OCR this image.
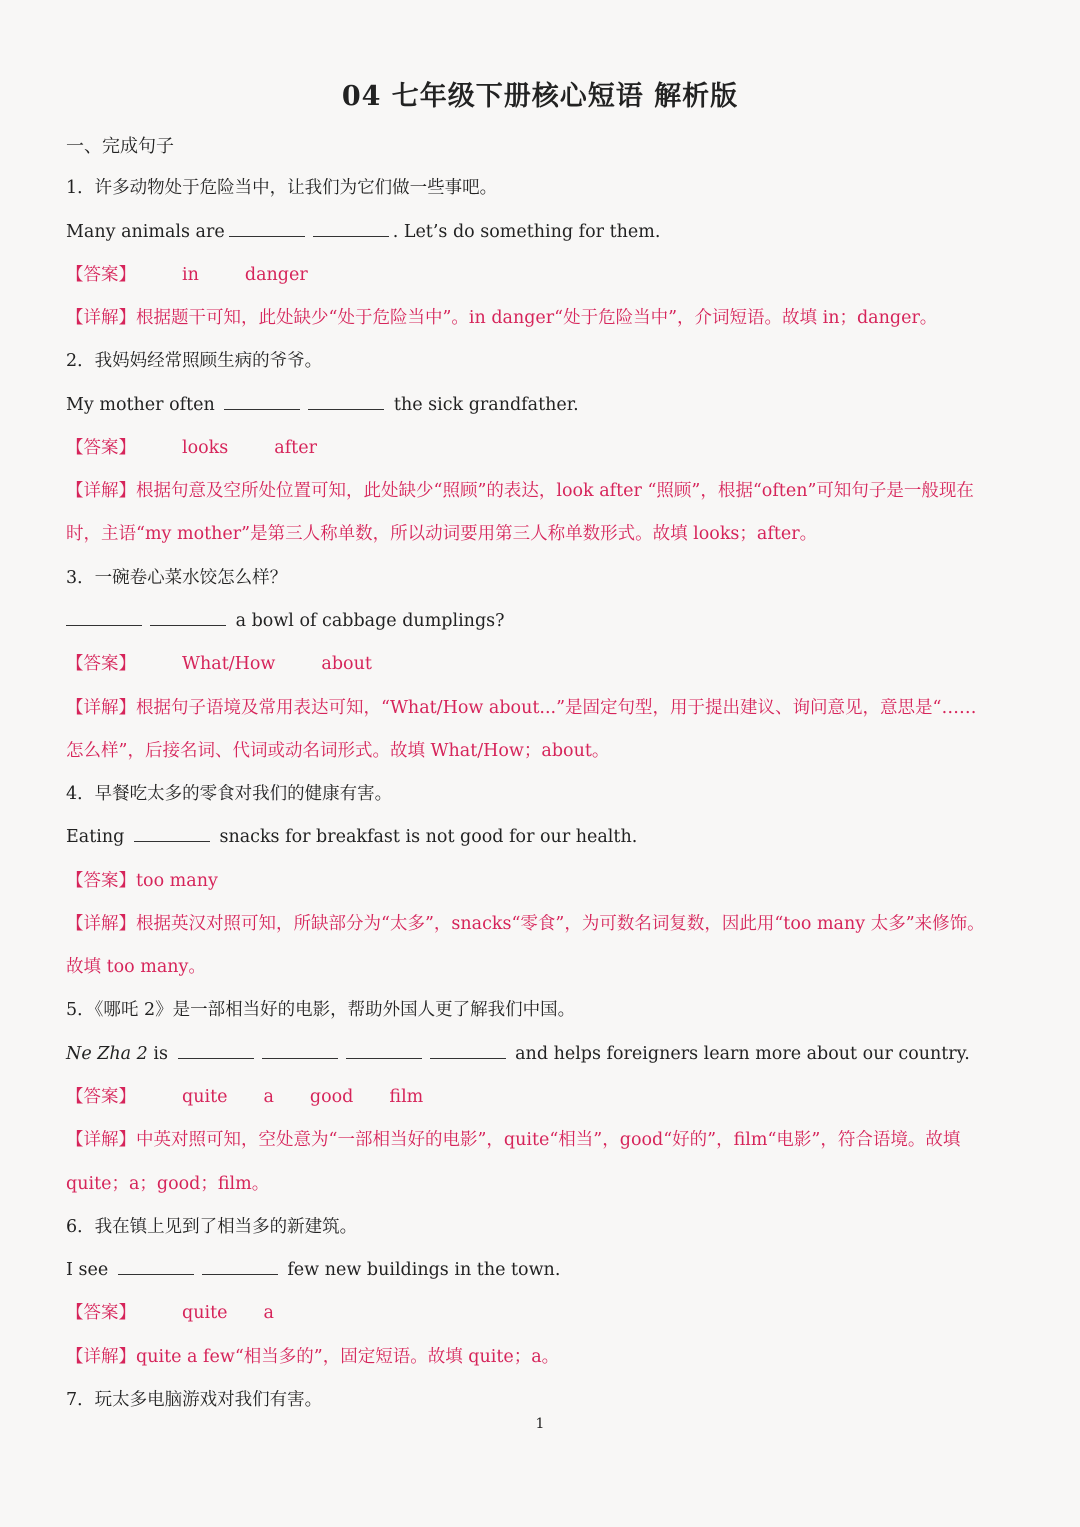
04 七年级下册核心短语 解析版
一、完成句子
1．许多动物处于危险当中，让我们为它们做一些事吧。
Many animals are	. Let’s do something for them.
【答案】	in	danger
【详解】根据题干可知，此处缺少“处于危险当中”。in danger“处于危险当中”，介词短语。故填 in；danger。
2．我妈妈经常照顾生病的爷爷。
My mother often	the sick grandfather.
【答案】	looks	after
【详解】根据句意及空所处位置可知，此处缺少“照顾”的表达，look after “照顾”，根据“often”可知句子是一般现在
时，主语“my mother”是第三人称单数，所以动词要用第三人称单数形式。故填 looks；after。
3．一碗卷心菜水饺怎么样？
a bowl of cabbage dumplings?
【答案】	What/How	about
【详解】根据句子语境及常用表达可知，“What/How about...”是固定句型，用于提出建议、询问意见，意思是“……
怎么样”，后接名词、代词或动名词形式。故填 What/How；about。
4．早餐吃太多的零食对我们的健康有害。
Eating	snacks for breakfast is not good for our health.
【答案】too many
【详解】根据英汉对照可知，所缺部分为“太多”，snacks“零食”，为可数名词复数，因此用“too many 太多”来修饰。
故填 too many。
5．《哪吒 2》是一部相当好的电影，帮助外国人更了解我们中国。
Ne Zha 2 is	and helps foreigners learn more about our country.
【答案】	quite a good film
【详解】中英对照可知，空处意为“一部相当好的电影”，quite“相当”，good“好的”，film“电影”，符合语境。故填
quite；a；good；film。
6．我在镇上见到了相当多的新建筑。
I see	few new buildings in the town.
【答案】	quite a
【详解】quite a few“相当多的”，固定短语。故填 quite；a。
7．玩太多电脑游戏对我们有害。
1
